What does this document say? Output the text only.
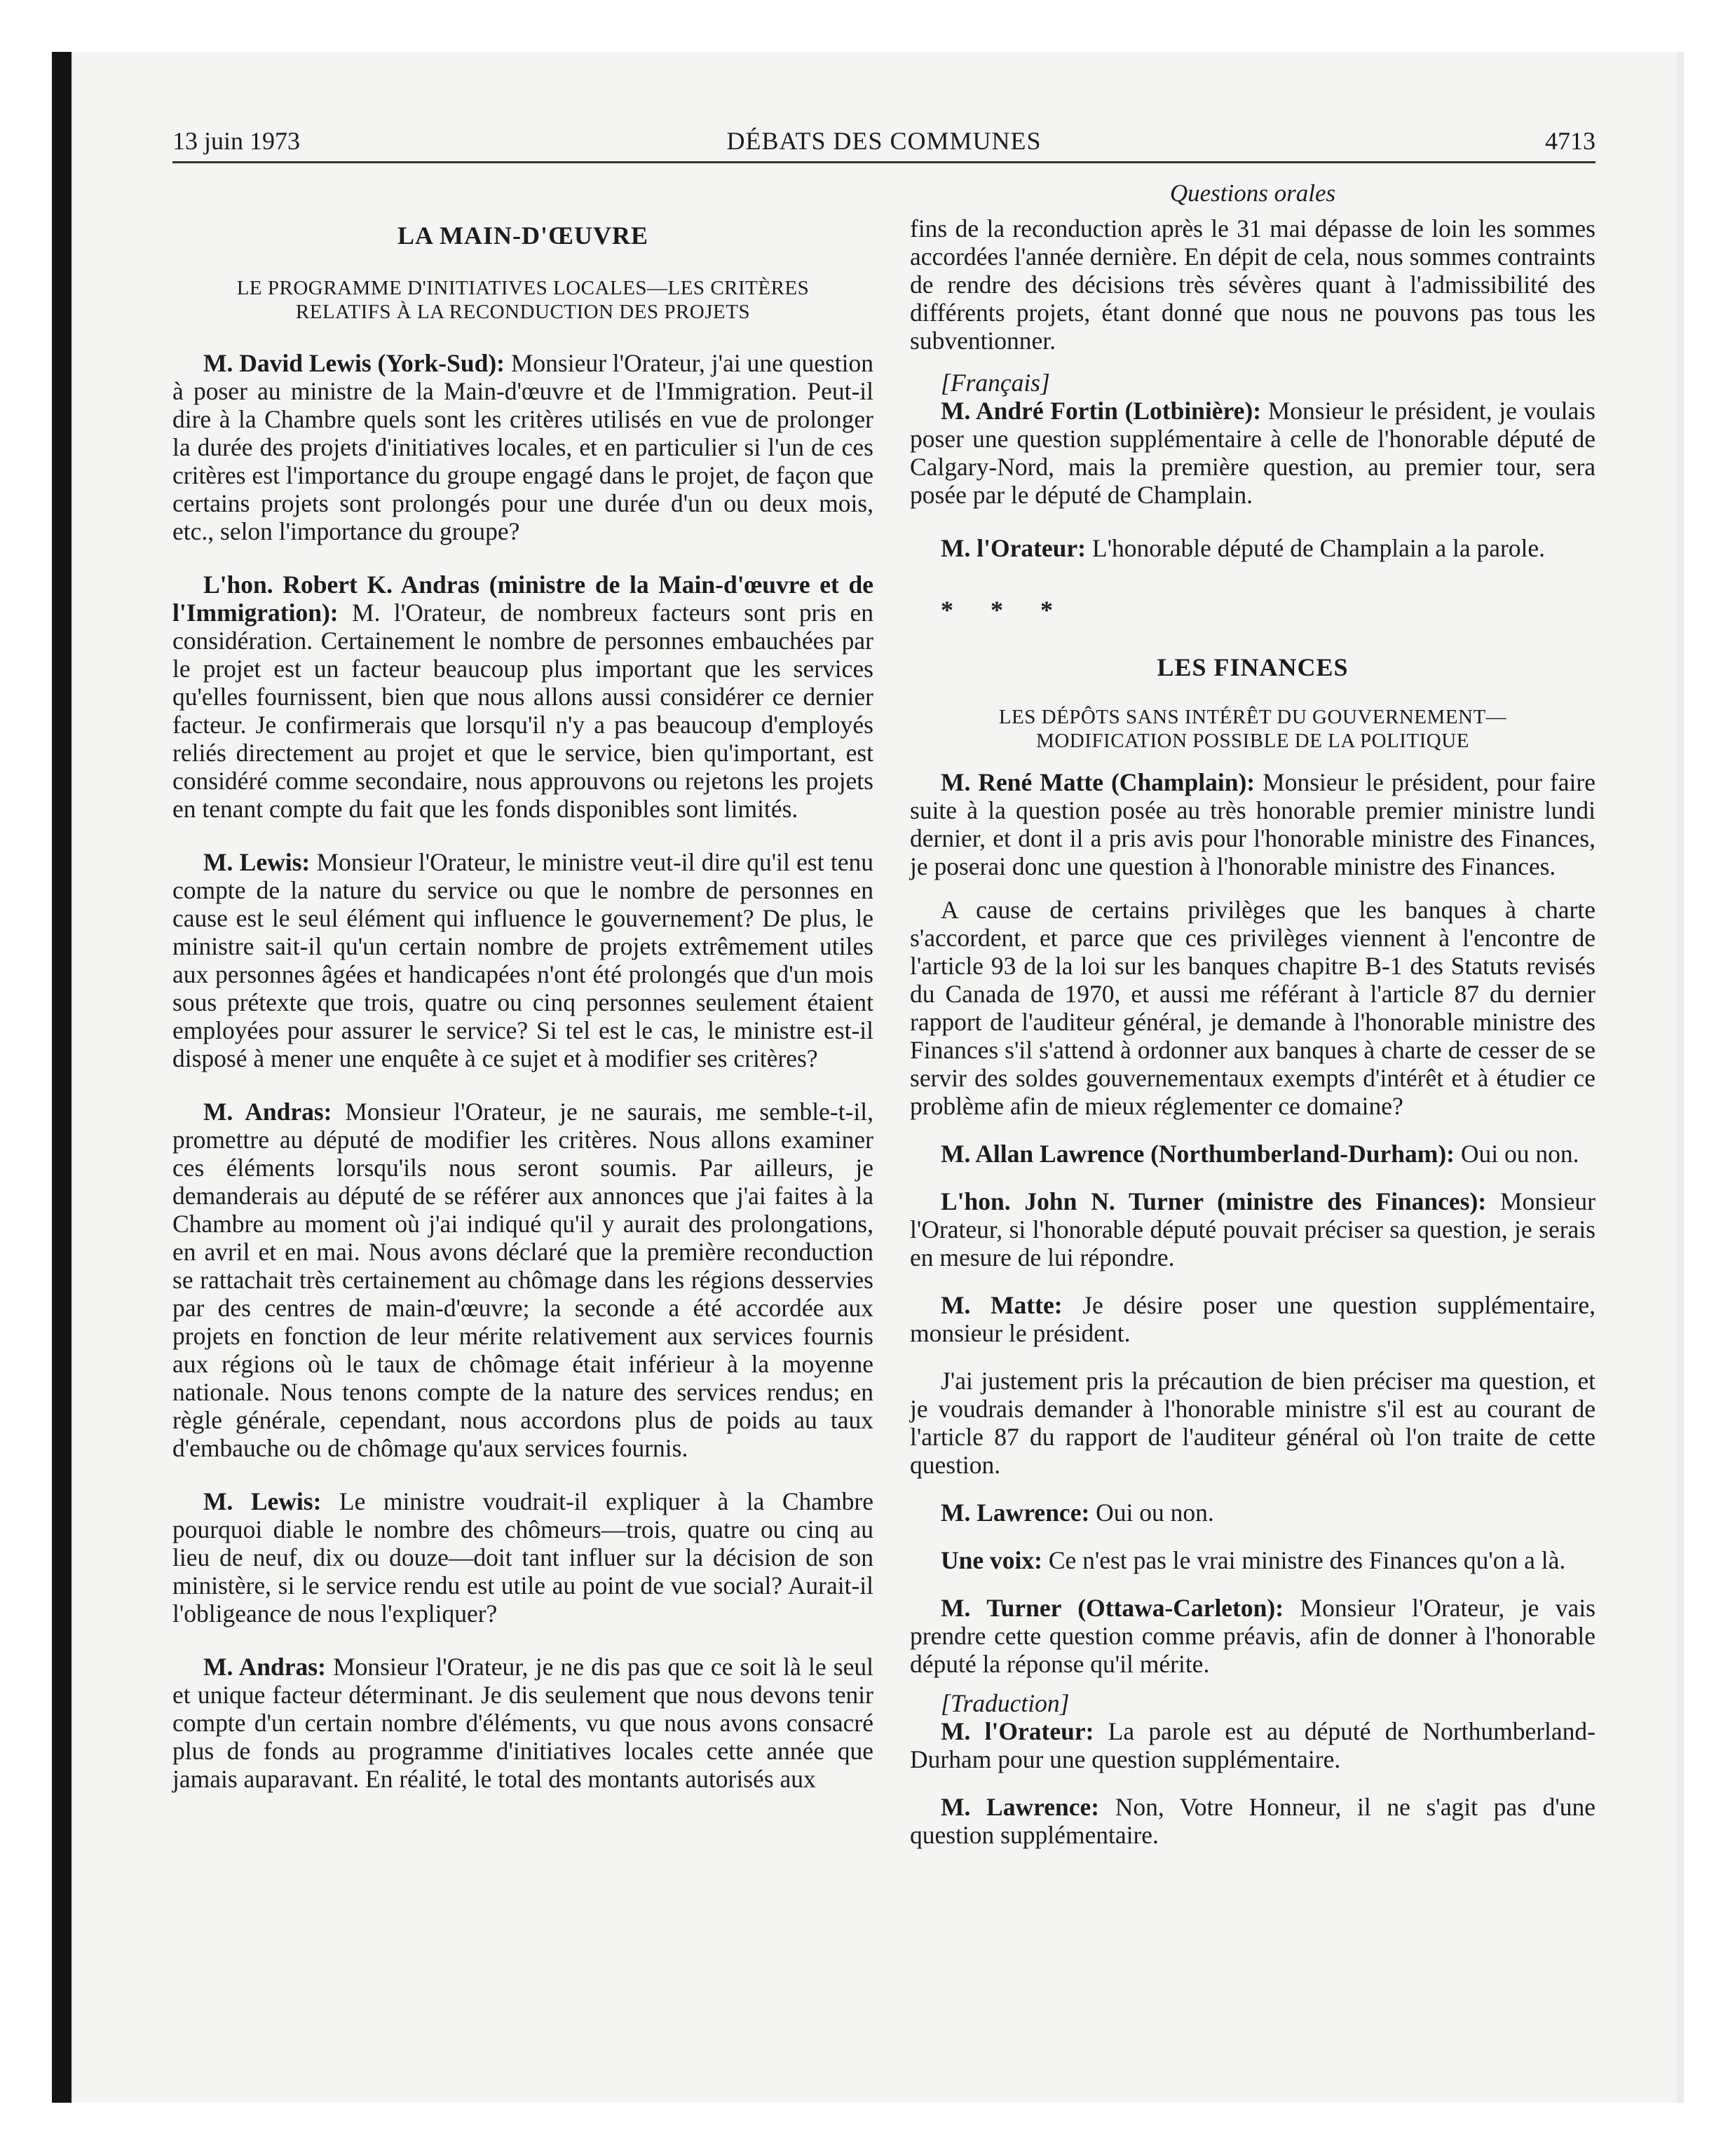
13 juin 1973	DÉBATS DES COMMUNES	4713
Questions orales
LA MAIN-D'ŒUVRE
LE PROGRAMME D'INITIATIVES LOCALES—LES CRITÈRES
RELATIFS À LA RECONDUCTION DES PROJETS

M. David Lewis (York-Sud): Monsieur l'Orateur, j'ai une question à poser au ministre de la Main-d'œuvre et de l'Immigration. Peut-il dire à la Chambre quels sont les critères utilisés en vue de prolonger la durée des projets d'initiatives locales, et en particulier si l'un de ces critères est l'importance du groupe engagé dans le projet, de façon que certains projets sont prolongés pour une durée d'un ou deux mois, etc., selon l'importance du groupe?

L'hon. Robert K. Andras (ministre de la Main-d'œuvre et de l'Immigration): M. l'Orateur, de nombreux facteurs sont pris en considération. Certainement le nombre de personnes embauchées par le projet est un facteur beaucoup plus important que les services qu'elles fournissent, bien que nous allons aussi considérer ce dernier facteur. Je confirmerais que lorsqu'il n'y a pas beaucoup d'employés reliés directement au projet et que le service, bien qu'important, est considéré comme secondaire, nous approuvons ou rejetons les projets en tenant compte du fait que les fonds disponibles sont limités.

M. Lewis: Monsieur l'Orateur, le ministre veut-il dire qu'il est tenu compte de la nature du service ou que le nombre de personnes en cause est le seul élément qui influence le gouvernement? De plus, le ministre sait-il qu'un certain nombre de projets extrêmement utiles aux personnes âgées et handicapées n'ont été prolongés que d'un mois sous prétexte que trois, quatre ou cinq personnes seulement étaient employées pour assurer le service? Si tel est le cas, le ministre est-il disposé à mener une enquête à ce sujet et à modifier ses critères?

M. Andras: Monsieur l'Orateur, je ne saurais, me semble-t-il, promettre au député de modifier les critères. Nous allons examiner ces éléments lorsqu'ils nous seront soumis. Par ailleurs, je demanderais au député de se référer aux annonces que j'ai faites à la Chambre au moment où j'ai indiqué qu'il y aurait des prolongations, en avril et en mai. Nous avons déclaré que la première reconduction se rattachait très certainement au chômage dans les régions desservies par des centres de main-d'œuvre; la seconde a été accordée aux projets en fonction de leur mérite relativement aux services fournis aux régions où le taux de chômage était inférieur à la moyenne nationale. Nous tenons compte de la nature des services rendus; en règle générale, cependant, nous accordons plus de poids au taux d'embauche ou de chômage qu'aux services fournis.

M. Lewis: Le ministre voudrait-il expliquer à la Chambre pourquoi diable le nombre des chômeurs—trois, quatre ou cinq au lieu de neuf, dix ou douze—doit tant influer sur la décision de son ministère, si le service rendu est utile au point de vue social? Aurait-il l'obligeance de nous l'expliquer?

M. Andras: Monsieur l'Orateur, je ne dis pas que ce soit là le seul et unique facteur déterminant. Je dis seulement que nous devons tenir compte d'un certain nombre d'éléments, vu que nous avons consacré plus de fonds au programme d'initiatives locales cette année que jamais auparavant. En réalité, le total des montants autorisés aux

fins de la reconduction après le 31 mai dépasse de loin les sommes accordées l'année dernière. En dépit de cela, nous sommes contraints de rendre des décisions très sévères quant à l'admissibilité des différents projets, étant donné que nous ne pouvons pas tous les subventionner.

[Français]

M. André Fortin (Lotbinière): Monsieur le président, je voulais poser une question supplémentaire à celle de l'honorable député de Calgary-Nord, mais la première question, au premier tour, sera posée par le député de Champlain.

M. l'Orateur: L'honorable député de Champlain a la parole.

* * *

LES FINANCES
LES DÉPÔTS SANS INTÉRÊT DU GOUVERNEMENT—
MODIFICATION POSSIBLE DE LA POLITIQUE

M. René Matte (Champlain): Monsieur le président, pour faire suite à la question posée au très honorable premier ministre lundi dernier, et dont il a pris avis pour l'honorable ministre des Finances, je poserai donc une question à l'honorable ministre des Finances.

A cause de certains privilèges que les banques à charte s'accordent, et parce que ces privilèges viennent à l'encontre de l'article 93 de la loi sur les banques chapitre B-1 des Statuts revisés du Canada de 1970, et aussi me référant à l'article 87 du dernier rapport de l'auditeur général, je demande à l'honorable ministre des Finances s'il s'attend à ordonner aux banques à charte de cesser de se servir des soldes gouvernementaux exempts d'intérêt et à étudier ce problème afin de mieux réglementer ce domaine?

M. Allan Lawrence (Northumberland-Durham): Oui ou non.

L'hon. John N. Turner (ministre des Finances): Monsieur l'Orateur, si l'honorable député pouvait préciser sa question, je serais en mesure de lui répondre.

M. Matte: Je désire poser une question supplémentaire, monsieur le président.

J'ai justement pris la précaution de bien préciser ma question, et je voudrais demander à l'honorable ministre s'il est au courant de l'article 87 du rapport de l'auditeur général où l'on traite de cette question.

M. Lawrence: Oui ou non.

Une voix: Ce n'est pas le vrai ministre des Finances qu'on a là.

M. Turner (Ottawa-Carleton): Monsieur l'Orateur, je vais prendre cette question comme préavis, afin de donner à l'honorable député la réponse qu'il mérite.

[Traduction]

M. l'Orateur: La parole est au député de Northumberland-Durham pour une question supplémentaire.

M. Lawrence: Non, Votre Honneur, il ne s'agit pas d'une question supplémentaire.
